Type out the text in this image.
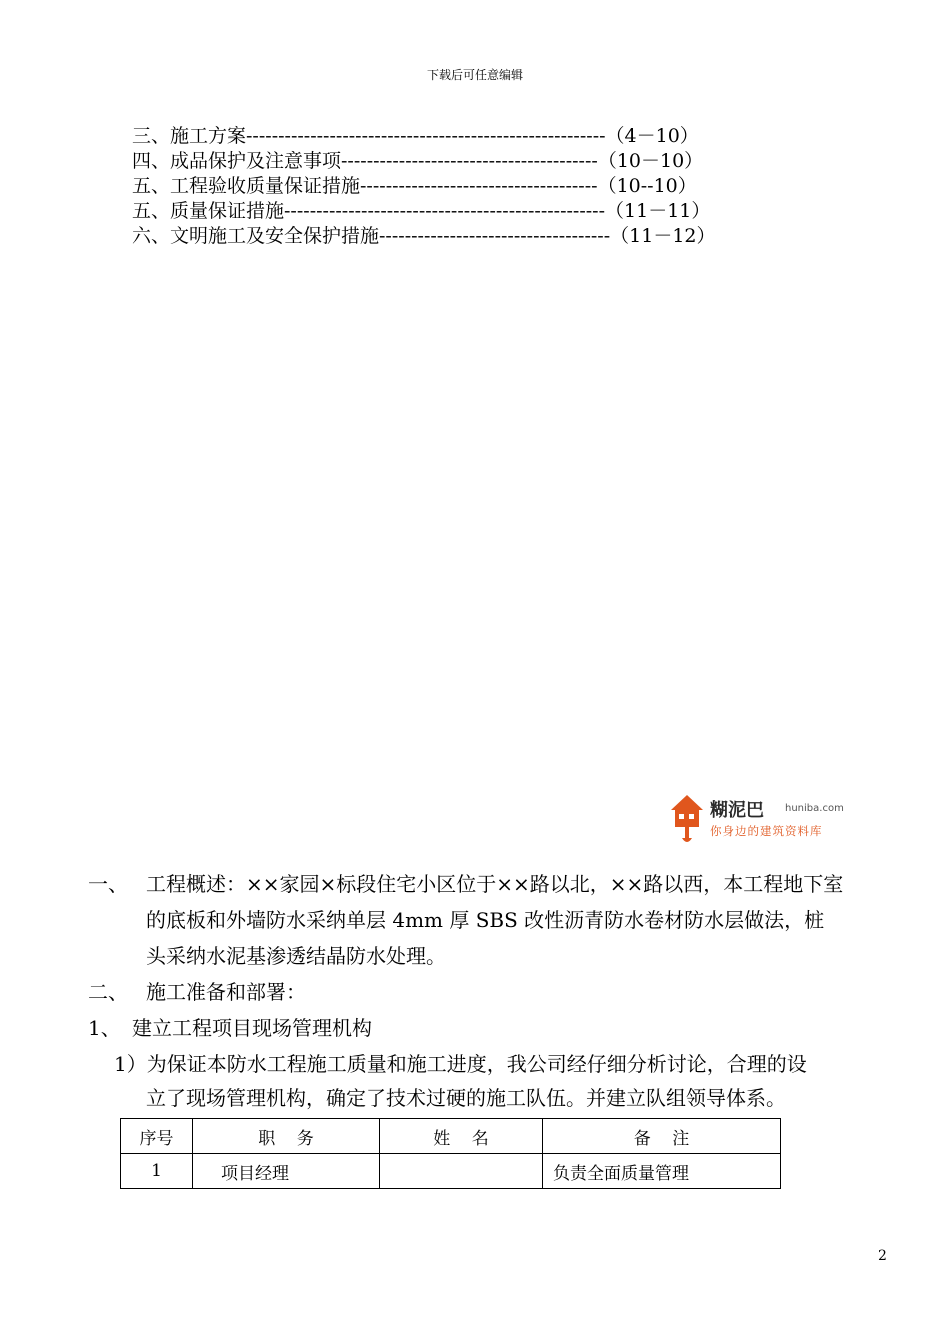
下载后可任意编辑
三、施工方案--------------------------------------------------------（4－10）
四、成品保护及注意事项----------------------------------------（10－10）
五、工程验收质量保证措施-------------------------------------（10--10）
五、质量保证措施--------------------------------------------------（11－11）
六、文明施工及安全保护措施------------------------------------（11－12）
糊泥巴 huniba.com
你身边的建筑资料库
一、 工程概述：××家园×标段住宅小区位于××路以北，××路以西，本工程地下室
的底板和外墙防水采纳单层 4mm 厚 SBS 改性沥青防水卷材防水层做法，桩
头采纳水泥基渗透结晶防水处理。
二、 施工准备和部署：
1、 建立工程项目现场管理机构
1）为保证本防水工程施工质量和施工进度，我公司经仔细分析讨论，合理的设
立了现场管理机构，确定了技术过硬的施工队伍。并建立队组领导体系。
序号	职    务	姓    名	备    注
1	项目经理		负责全面质量管理
2
